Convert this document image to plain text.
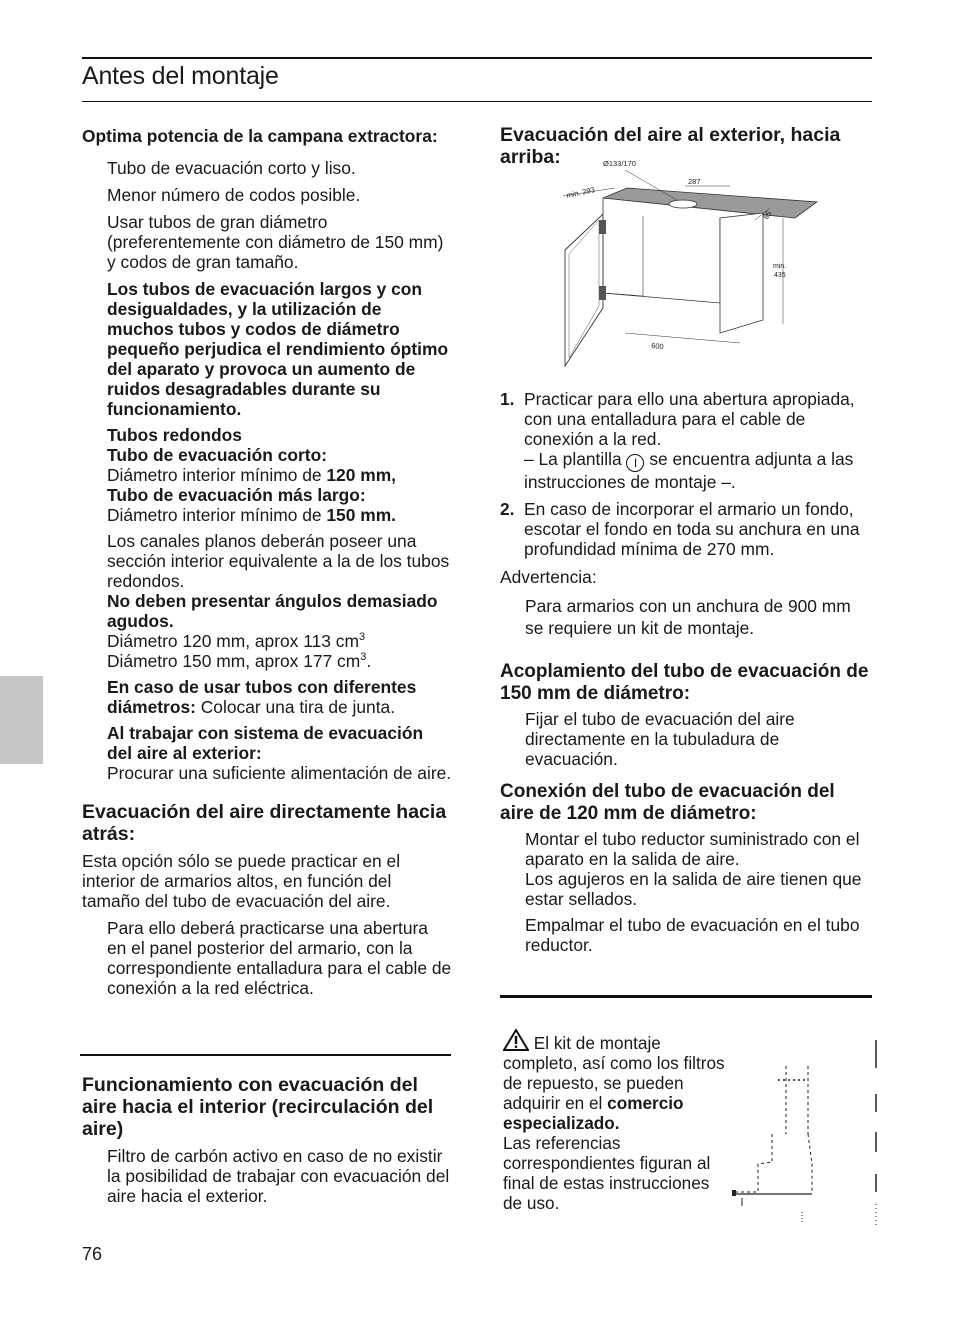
Antes del montaje

Optima potencia de la campana extractora:

Tubo de evacuación corto y liso.

Menor número de codos posible.

Usar tubos de gran diámetro (preferentemente con diámetro de 150 mm) y codos de gran tamaño.

Los tubos de evacuación largos y con desigualdades, y la utilización de muchos tubos y codos de diámetro pequeño perjudica el rendimiento óptimo del aparato y provoca un aumento de ruidos desagradables durante su funcionamiento.

Tubos redondos

Tubo de evacuación corto:

Diámetro interior mínimo de 120 mm,

Tubo de evacuación más largo:

Diámetro interior mínimo de 150 mm.

Los canales planos deberán poseer una sección interior equivalente a la de los tubos redondos.

No deben presentar ángulos demasiado agudos.

Diámetro 120 mm, aprox 113 $cm^3$

Diámetro 150 mm, aprox 177 $cm^3$.

En caso de usar tubos con diferentes diámetros: Colocar una tira de junta.

Al trabajar con sistema de evacuación del aire al exterior:

Procurar una suficiente alimentación de aire.

Evacuación del aire directamente hacia atrás:

Esta opción sólo se puede practicar en el interior de armarios altos, en función del tamaño del tubo de evacuación del aire.

Para ello deberá practicarse una abertura en el panel posterior del armario, con la correspondiente entalladura para el cable de conexión a la red eléctrica.

Funcionamiento con evacuación del aire hacia el interior (recirculación del aire)

Filtro de carbón activo en caso de no existir la posibilidad de trabajar con evacuación del aire hacia el exterior.

76

Evacuación del aire al exterior, hacia arriba:	Ø133/170
287
min. 293
85
min.
435
600
1. Practicar para ello una abertura apropiada, con una entalladura para el cable de conexión a la red.

– La plantilla I se encuentra adjunta a las instrucciones de montaje –.

2. En caso de incorporar el armario un fondo, escotar el fondo en toda su anchura en una profundidad mínima de 270 mm.

Advertencia:

Para armarios con un anchura de 900 mm se requiere un kit de montaje.

Acoplamiento del tubo de evacuación de 150 mm de diámetro:

Fijar el tubo de evacuación del aire directamente en la tubuladura de evacuación.

Conexión del tubo de evacuación del aire de 120 mm de diámetro:

Montar el tubo reductor suministrado con el aparato en la salida de aire.

Los agujeros en la salida de aire tienen que estar sellados.

Empalmar el tubo de evacuación en el tubo reductor.

El kit de montaje completo, así como los filtros de repuesto, se pueden adquirir en el comercio especializado.

Las referencias correspondientes figuran al final de estas instrucciones de uso.
